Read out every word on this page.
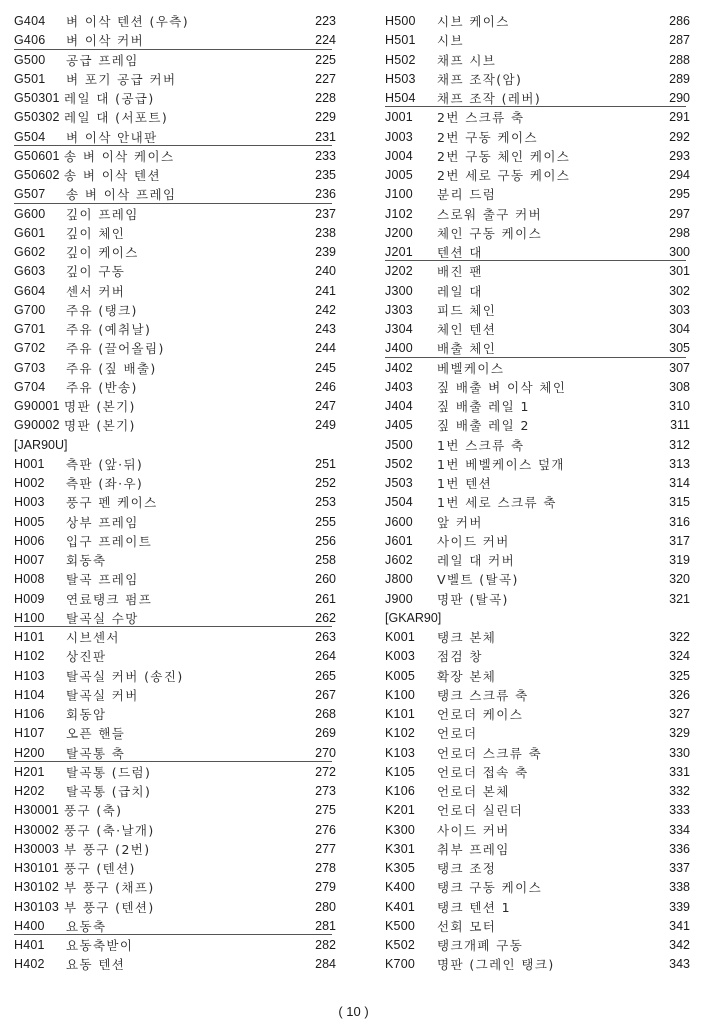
G404 벼 이삭 텐션 (우측)	223
G406 벼 이삭 커버	224
G500 공급 프레임	225
G501 벼 포기 공급 커버	227
G50301 레일 대 (공급)	228
G50302 레일 대 (서포트)	229
G504 벼 이삭 안내판	231
G50601 송 벼 이삭 케이스	233
G50602 송 벼 이삭 텐션	235
G507 송 벼 이삭 프레임	236
G600 깊이 프레임	237
G601 깊이 체인	238
G602 깊이 케이스	239
G603 깊이 구동	240
G604 센서 커버	241
G700 주유 (탱크)	242
G701 주유 (예취날)	243
G702 주유 (끌어올림)	244
G703 주유 (짚 배출)	245
G704 주유 (반송)	246
G90001 명판 (본기)	247
G90002 명판 (본기)	249
[JAR90U]
H001 측판 (앞·뒤)	251
H002 측판 (좌·우)	252
H003 풍구 펜 케이스	253
H005 상부 프레임	255
H006 입구 프레이트	256
H007 회동축	258
H008 탈곡 프레임	260
H009 연료탱크 펌프	261
H100 탈곡실 수망	262
H101 시브센서	263
H102 상진판	264
H103 탈곡실 커버 (송진)	265
H104 탈곡실 커버	267
H106 회동암	268
H107 오픈 핸들	269
H200 탈곡통 축	270
H201 탈곡통 (드럼)	272
H202 탈곡통 (급치)	273
H30001 풍구 (축)	275
H30002 풍구 (축·날개)	276
H30003 부 풍구 (2번)	277
H30101 풍구 (텐션)	278
H30102 부 풍구 (채프)	279
H30103 부 풍구 (텐션)	280
H400 요동축	281
H401 요동축받이	282
H402 요동 텐션	284
H500 시브 케이스	286
H501 시브	287
H502 채프 시브	288
H503 채프 조작(암)	289
H504 채프 조작 (레버)	290
J001 2번 스크류 축	291
J003 2번 구동 케이스	292
J004 2번 구동 체인 케이스	293
J005 2번 세로 구동 케이스	294
J100 분리 드럼	295
J102 스로워 출구 커버	297
J200 체인 구동 케이스	298
J201 텐션 대	300
J202 배진 팬	301
J300 레일 대	302
J303 피드 체인	303
J304 체인 텐션	304
J400 배출 체인	305
J402 베벨케이스	307
J403 짚 배출 벼 이삭 체인	308
J404 짚 배출 레일 1	310
J405 짚 배출 레일 2	311
J500 1번 스크류 축	312
J502 1번 베벨케이스 덮개	313
J503 1번 텐션	314
J504 1번 세로 스크류 축	315
J600 앞 커버	316
J601 사이드 커버	317
J602 레일 대 커버	319
J800 V벨트 (탈곡)	320
J900 명판 (탈곡)	321
[GKAR90]
K001 탱크 본체	322
K003 점검 창	324
K005 확장 본체	325
K100 탱크 스크류 축	326
K101 언로더 케이스	327
K102 언로더	329
K103 언로더 스크류 축	330
K105 언로더 접속 축	331
K106 언로더 본체	332
K201 언로더 실린더	333
K300 사이드 커버	334
K301 취부 프레임	336
K305 탱크 조정	337
K400 탱크 구동 케이스	338
K401 탱크 텐션 1	339
K500 선회 모터	341
K502 탱크개폐 구동	342
K700 명판 (그레인 탱크)	343
( 10 )
